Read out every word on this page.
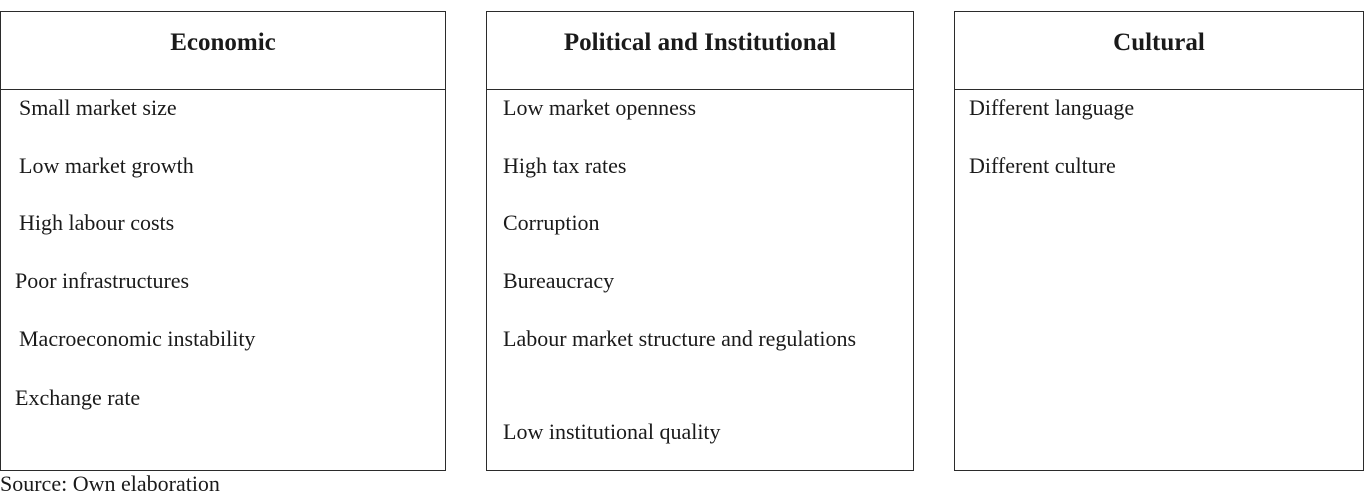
Economic
Small market size
Low market growth
High labour costs
Poor infrastructures
Macroeconomic instability
Exchange rate
Political and Institutional
Low market openness
High tax rates
Corruption
Bureaucracy
Labour market structure and regulations
Low institutional quality
Cultural
Different language
Different culture
Source: Own elaboration
